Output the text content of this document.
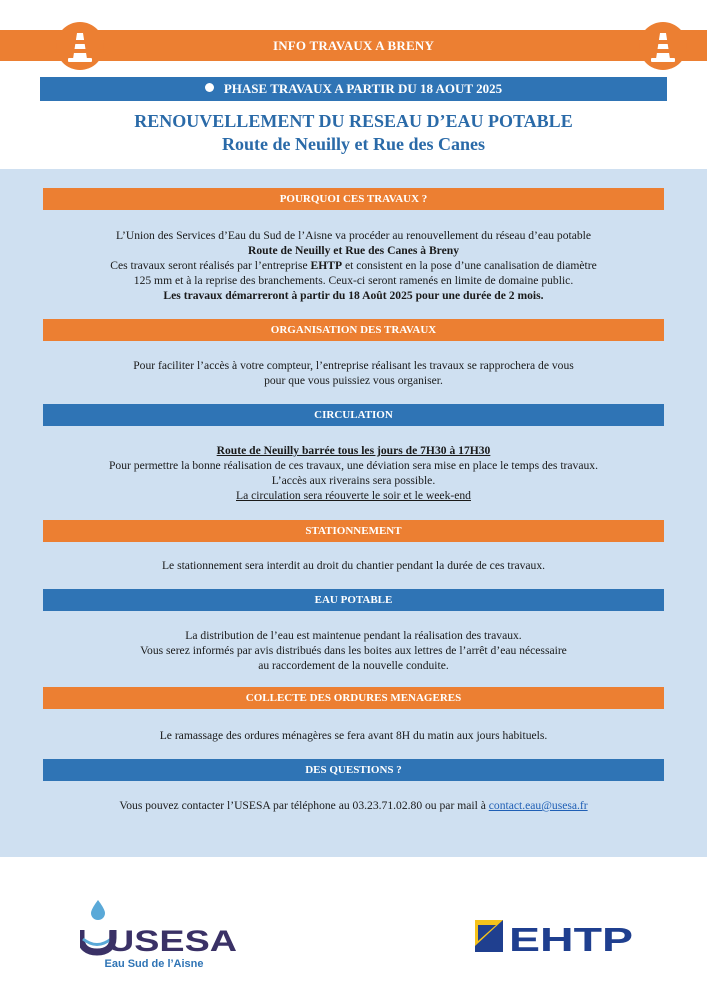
INFO TRAVAUX A BRENY
PHASE TRAVAUX A PARTIR DU 18 AOUT 2025
RENOUVELLEMENT DU RESEAU D’EAU POTABLE
Route de Neuilly et Rue des Canes
POURQUOI CES TRAVAUX ?
L’Union des Services d’Eau du Sud de l’Aisne va procéder au renouvellement du réseau d’eau potable
Route de Neuilly et Rue des Canes à Breny
Ces travaux seront réalisés par l’entreprise EHTP et consistent en la pose d’une canalisation de diamètre
125 mm et à la reprise des branchements. Ceux-ci seront ramenés en limite de domaine public.
Les travaux démarreront à partir du 18 Août 2025 pour une durée de 2 mois.
ORGANISATION DES TRAVAUX
Pour faciliter l’accès à votre compteur, l’entreprise réalisant les travaux se rapprochera de vous
pour que vous puissiez vous organiser.
CIRCULATION
Route de Neuilly barrée tous les jours de 7H30 à 17H30
Pour permettre la bonne réalisation de ces travaux, une déviation sera mise en place le temps des travaux.
L’accès aux riverains sera possible.
La circulation sera réouverte le soir et le week-end
STATIONNEMENT
Le stationnement sera interdit au droit du chantier pendant la durée de ces travaux.
EAU POTABLE
La distribution de l’eau est maintenue pendant la réalisation des travaux.
Vous serez informés par avis distribués dans les boites aux lettres de l’arrêt d’eau nécessaire
au raccordement de la nouvelle conduite.
COLLECTE DES ORDURES MENAGERES
Le ramassage des ordures ménagères se fera avant 8H du matin aux jours habituels.
DES QUESTIONS ?
Vous pouvez contacter l’USESA par téléphone au 03.23.71.02.80 ou par mail à contact.eau@usesa.fr
USESA
Eau Sud de l’Aisne
EHTP
